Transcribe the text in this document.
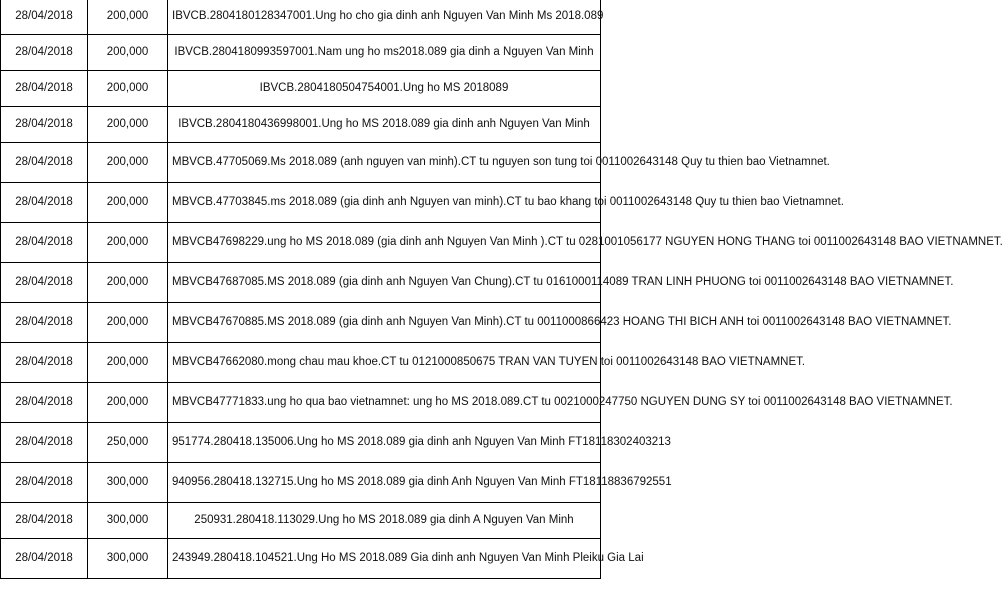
28/04/2018	200,000	IBVCB.2804180128347001.Ung ho cho gia dinh anh Nguyen Van Minh Ms 2018.089
28/04/2018	200,000	IBVCB.2804180993597001.Nam ung ho ms2018.089 gia dinh a Nguyen Van Minh
28/04/2018	200,000	IBVCB.2804180504754001.Ung ho MS 2018089
28/04/2018	200,000	IBVCB.2804180436998001.Ung ho MS 2018.089 gia dinh anh Nguyen Van Minh
28/04/2018	200,000	MBVCB.47705069.Ms 2018.089 (anh nguyen van minh).CT tu nguyen son tung toi 0011002643148 Quy tu thien bao Vietnamnet.
28/04/2018	200,000	MBVCB.47703845.ms 2018.089 (gia dinh anh Nguyen van minh).CT tu bao khang toi 0011002643148 Quy tu thien bao Vietnamnet.
28/04/2018	200,000	MBVCB47698229.ung ho MS 2018.089 (gia dinh anh Nguyen Van Minh ).CT tu 0281001056177 NGUYEN HONG THANG toi 0011002643148 BAO VIETNAMNET.
28/04/2018	200,000	MBVCB47687085.MS 2018.089 (gia dinh anh Nguyen Van Chung).CT tu 0161000114089 TRAN LINH PHUONG toi 0011002643148 BAO VIETNAMNET.
28/04/2018	200,000	MBVCB47670885.MS 2018.089 (gia dinh anh Nguyen Van Minh).CT tu 0011000866423 HOANG THI BICH ANH toi 0011002643148 BAO VIETNAMNET.
28/04/2018	200,000	MBVCB47662080.mong chau mau khoe.CT tu 0121000850675 TRAN VAN TUYEN toi 0011002643148 BAO VIETNAMNET.
28/04/2018	200,000	MBVCB47771833.ung ho qua bao vietnamnet: ung ho MS 2018.089.CT tu 0021000247750 NGUYEN DUNG SY toi 0011002643148 BAO VIETNAMNET.
28/04/2018	250,000	951774.280418.135006.Ung ho MS 2018.089 gia dinh anh Nguyen Van Minh FT18118302403213
28/04/2018	300,000	940956.280418.132715.Ung ho MS 2018.089 gia dinh Anh Nguyen Van Minh FT18118836792551
28/04/2018	300,000	250931.280418.113029.Ung ho MS 2018.089 gia dinh A Nguyen Van Minh
28/04/2018	300,000	243949.280418.104521.Ung Ho MS 2018.089 Gia dinh anh Nguyen Van Minh Pleiku Gia Lai
